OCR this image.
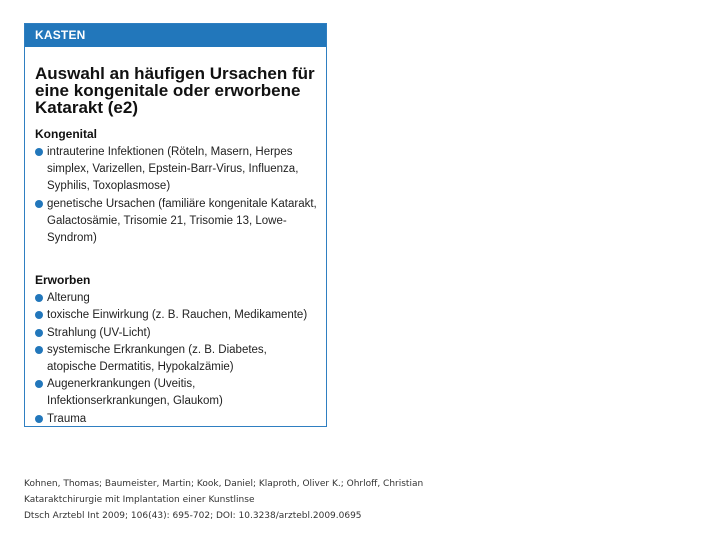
KASTEN
Auswahl an häufigen Ursachen für
eine kongenitale oder erworbene
Katarakt (e2)
Kongenital
intrauterine Infektionen (Röteln, Masern, Herpes simplex, Varizellen, Epstein-Barr-Virus, Influenza, Syphilis, Toxoplasmose)
genetische Ursachen (familiäre kongenitale Katarakt, Galactosämie, Trisomie 21, Trisomie 13, Lowe-Syndrom)
Erworben
Alterung
toxische Einwirkung (z. B. Rauchen, Medikamente)
Strahlung (UV-Licht)
systemische Erkrankungen (z. B. Diabetes, atopische Dermatitis, Hypokalzämie)
Augenerkrankungen (Uveitis, Infektionserkrankungen, Glaukom)
Trauma
Kohnen, Thomas; Baumeister, Martin; Kook, Daniel; Klaproth, Oliver K.; Ohrloff, Christian
Kataraktchirurgie mit Implantation einer Kunstlinse
Dtsch Arztebl Int 2009; 106(43): 695-702; DOI: 10.3238/arztebl.2009.0695
